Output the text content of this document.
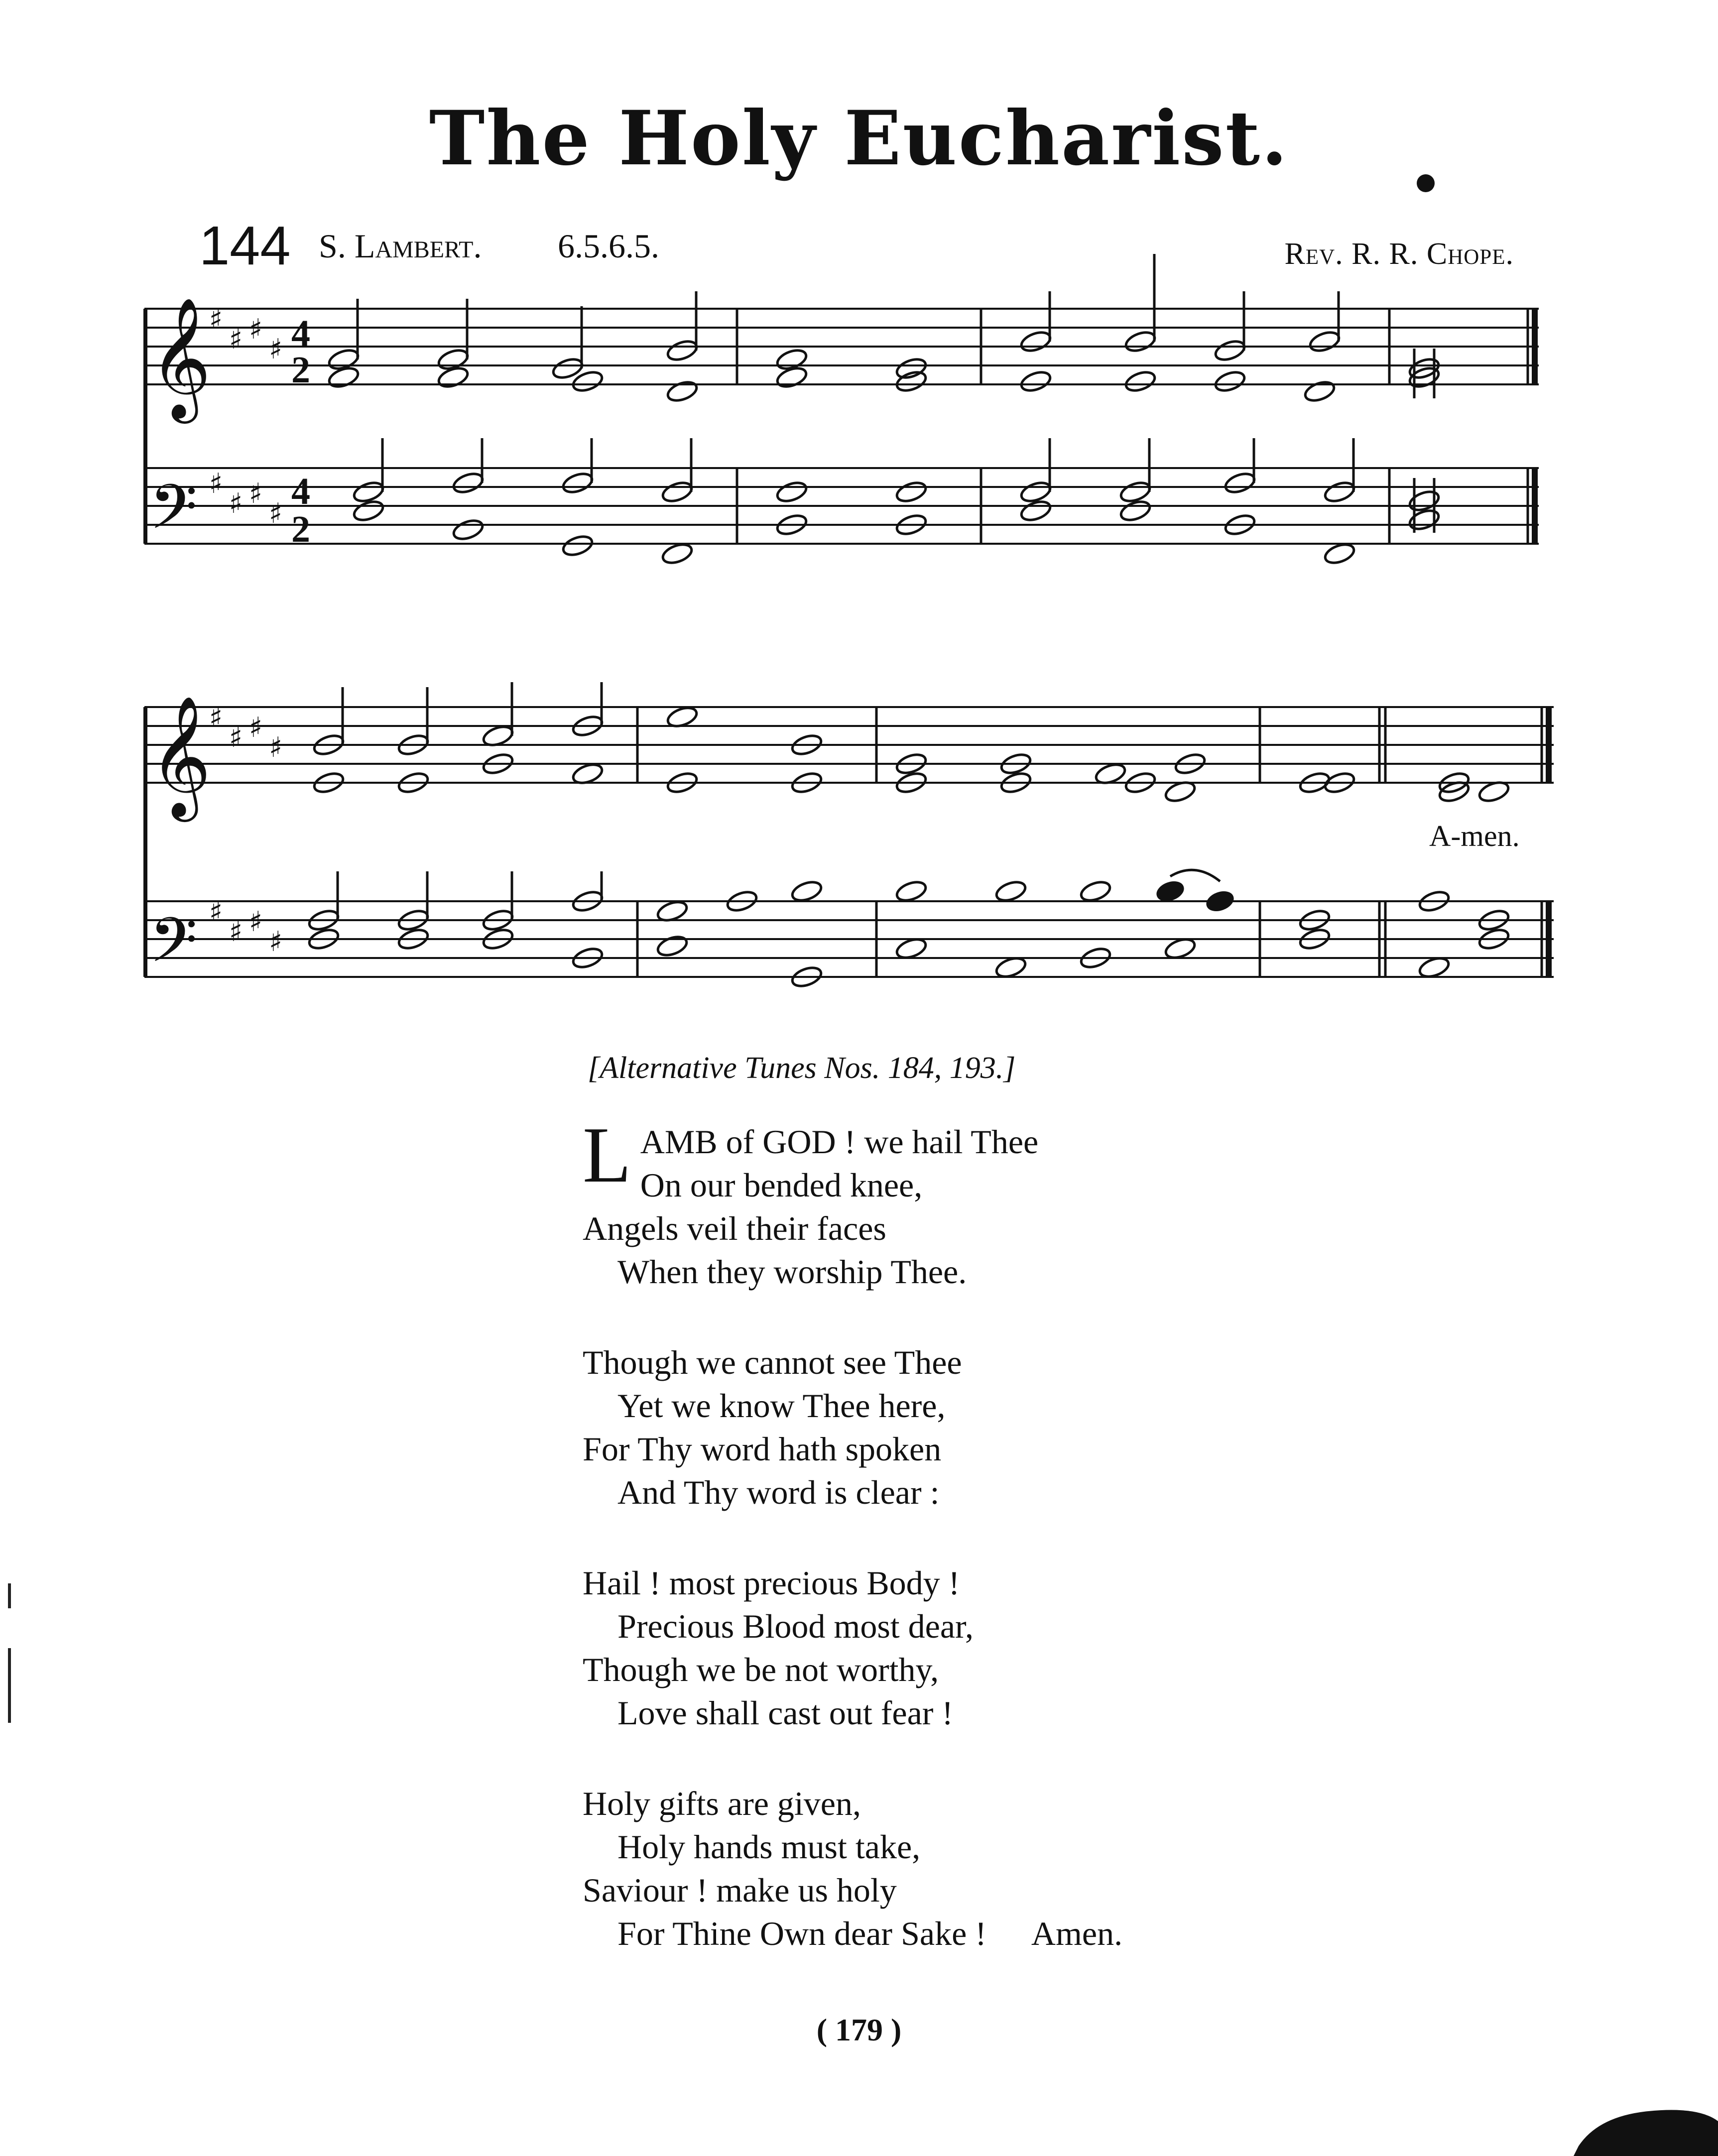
The Holy Eucharist.
144 S. Lambert. 6.5.6.5.	Rev. R. R. Chope.
𝄞
𝄢
𝄞
𝄢
♯
♯ ♯
♯
♯
♯ ♯
♯
♯
♯ ♯
♯
♯
♯ ♯
♯
4
2
4
2
A-men.
[Alternative Tunes Nos. 184, 193.]
L AMB of GOD ! we hail Thee
On our bended knee,
Angels veil their faces
When they worship Thee.
Though we cannot see Thee
Yet we know Thee here,
For Thy word hath spoken
And Thy word is clear :
Hail ! most precious Body !
Precious Blood most dear,
Though we be not worthy,
Love shall cast out fear !
Holy gifts are given,
Holy hands must take,
Saviour ! make us holy
For Thine Own dear Sake ! Amen.
( 179 )
